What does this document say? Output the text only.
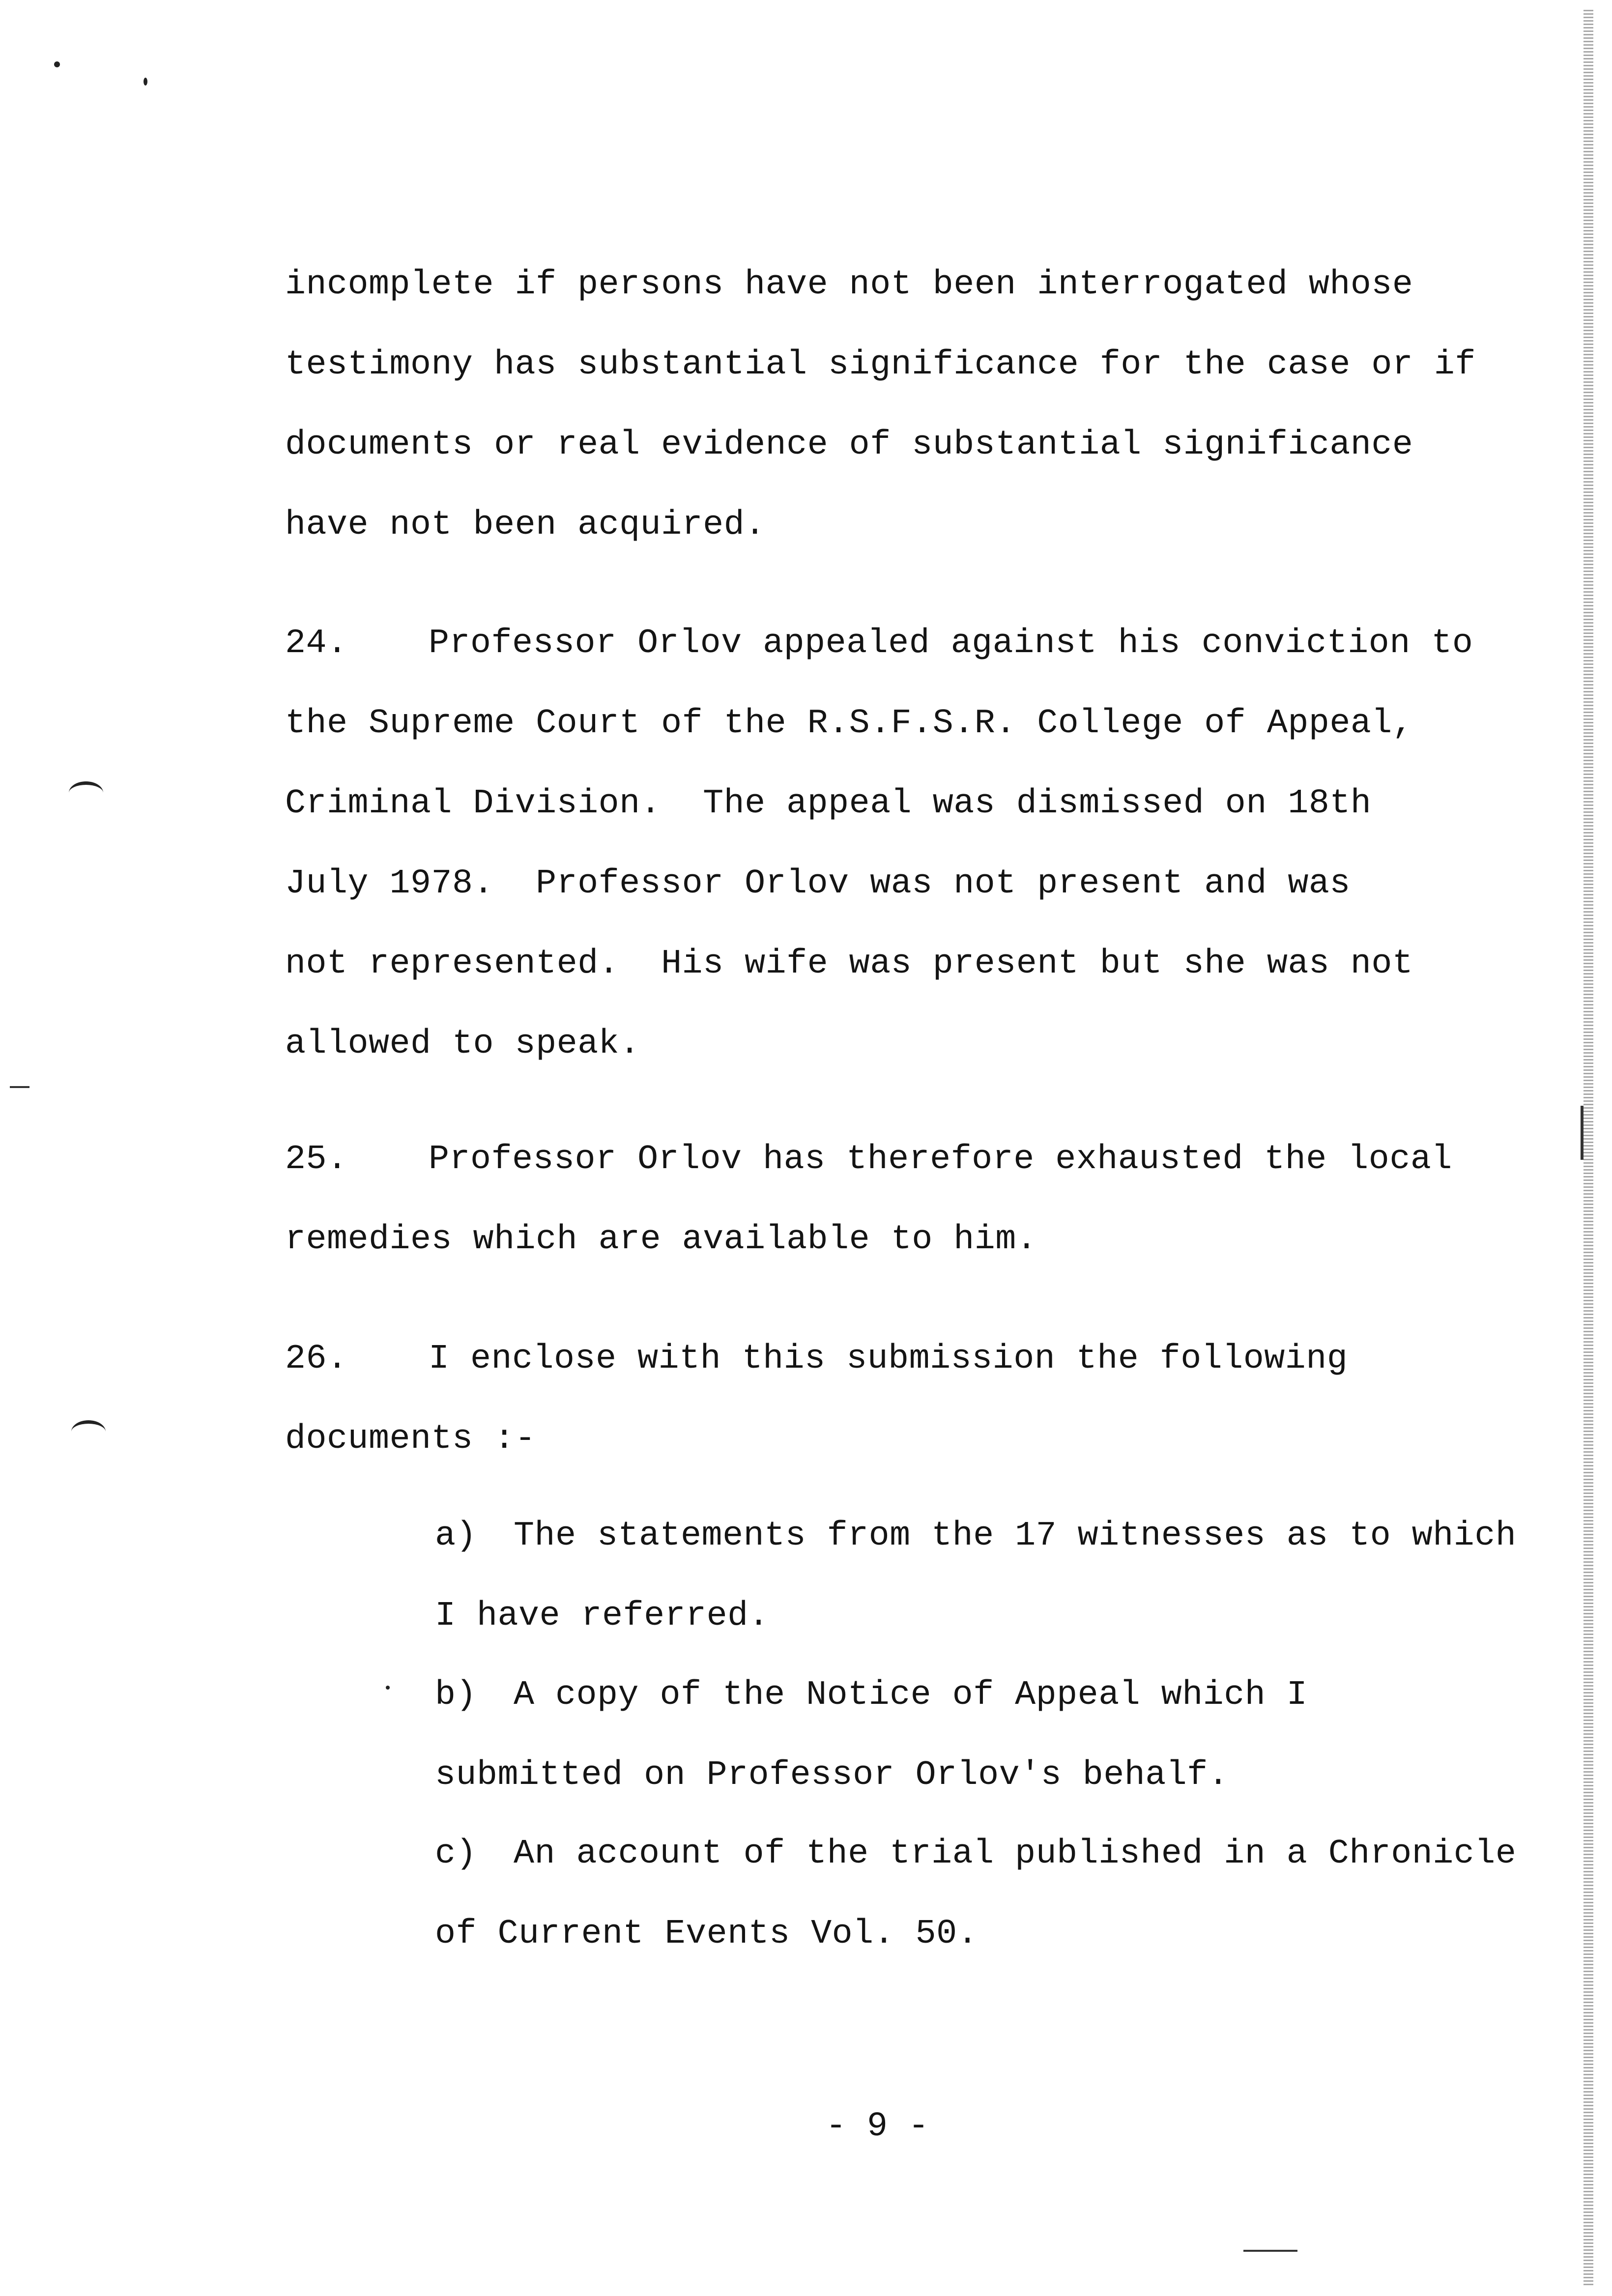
incomplete if persons have not been interrogated whose
testimony has substantial significance for the case or if
documents or real evidence of substantial significance
have not been acquired.
24. Professor Orlov appealed against his conviction to
the Supreme Court of the R.S.F.S.R. College of Appeal,
Criminal Division.  The appeal was dismissed on 18th
July 1978.  Professor Orlov was not present and was
not represented.  His wife was present but she was not
allowed to speak.
25. Professor Orlov has therefore exhausted the local
remedies which are available to him.
26. I enclose with this submission the following
documents :-
a) The statements from the 17 witnesses as to which
I have referred.
b) A copy of the Notice of Appeal which I
submitted on Professor Orlov's behalf.
c) An account of the trial published in a Chronicle
of Current Events Vol. 50.
- 9 -
